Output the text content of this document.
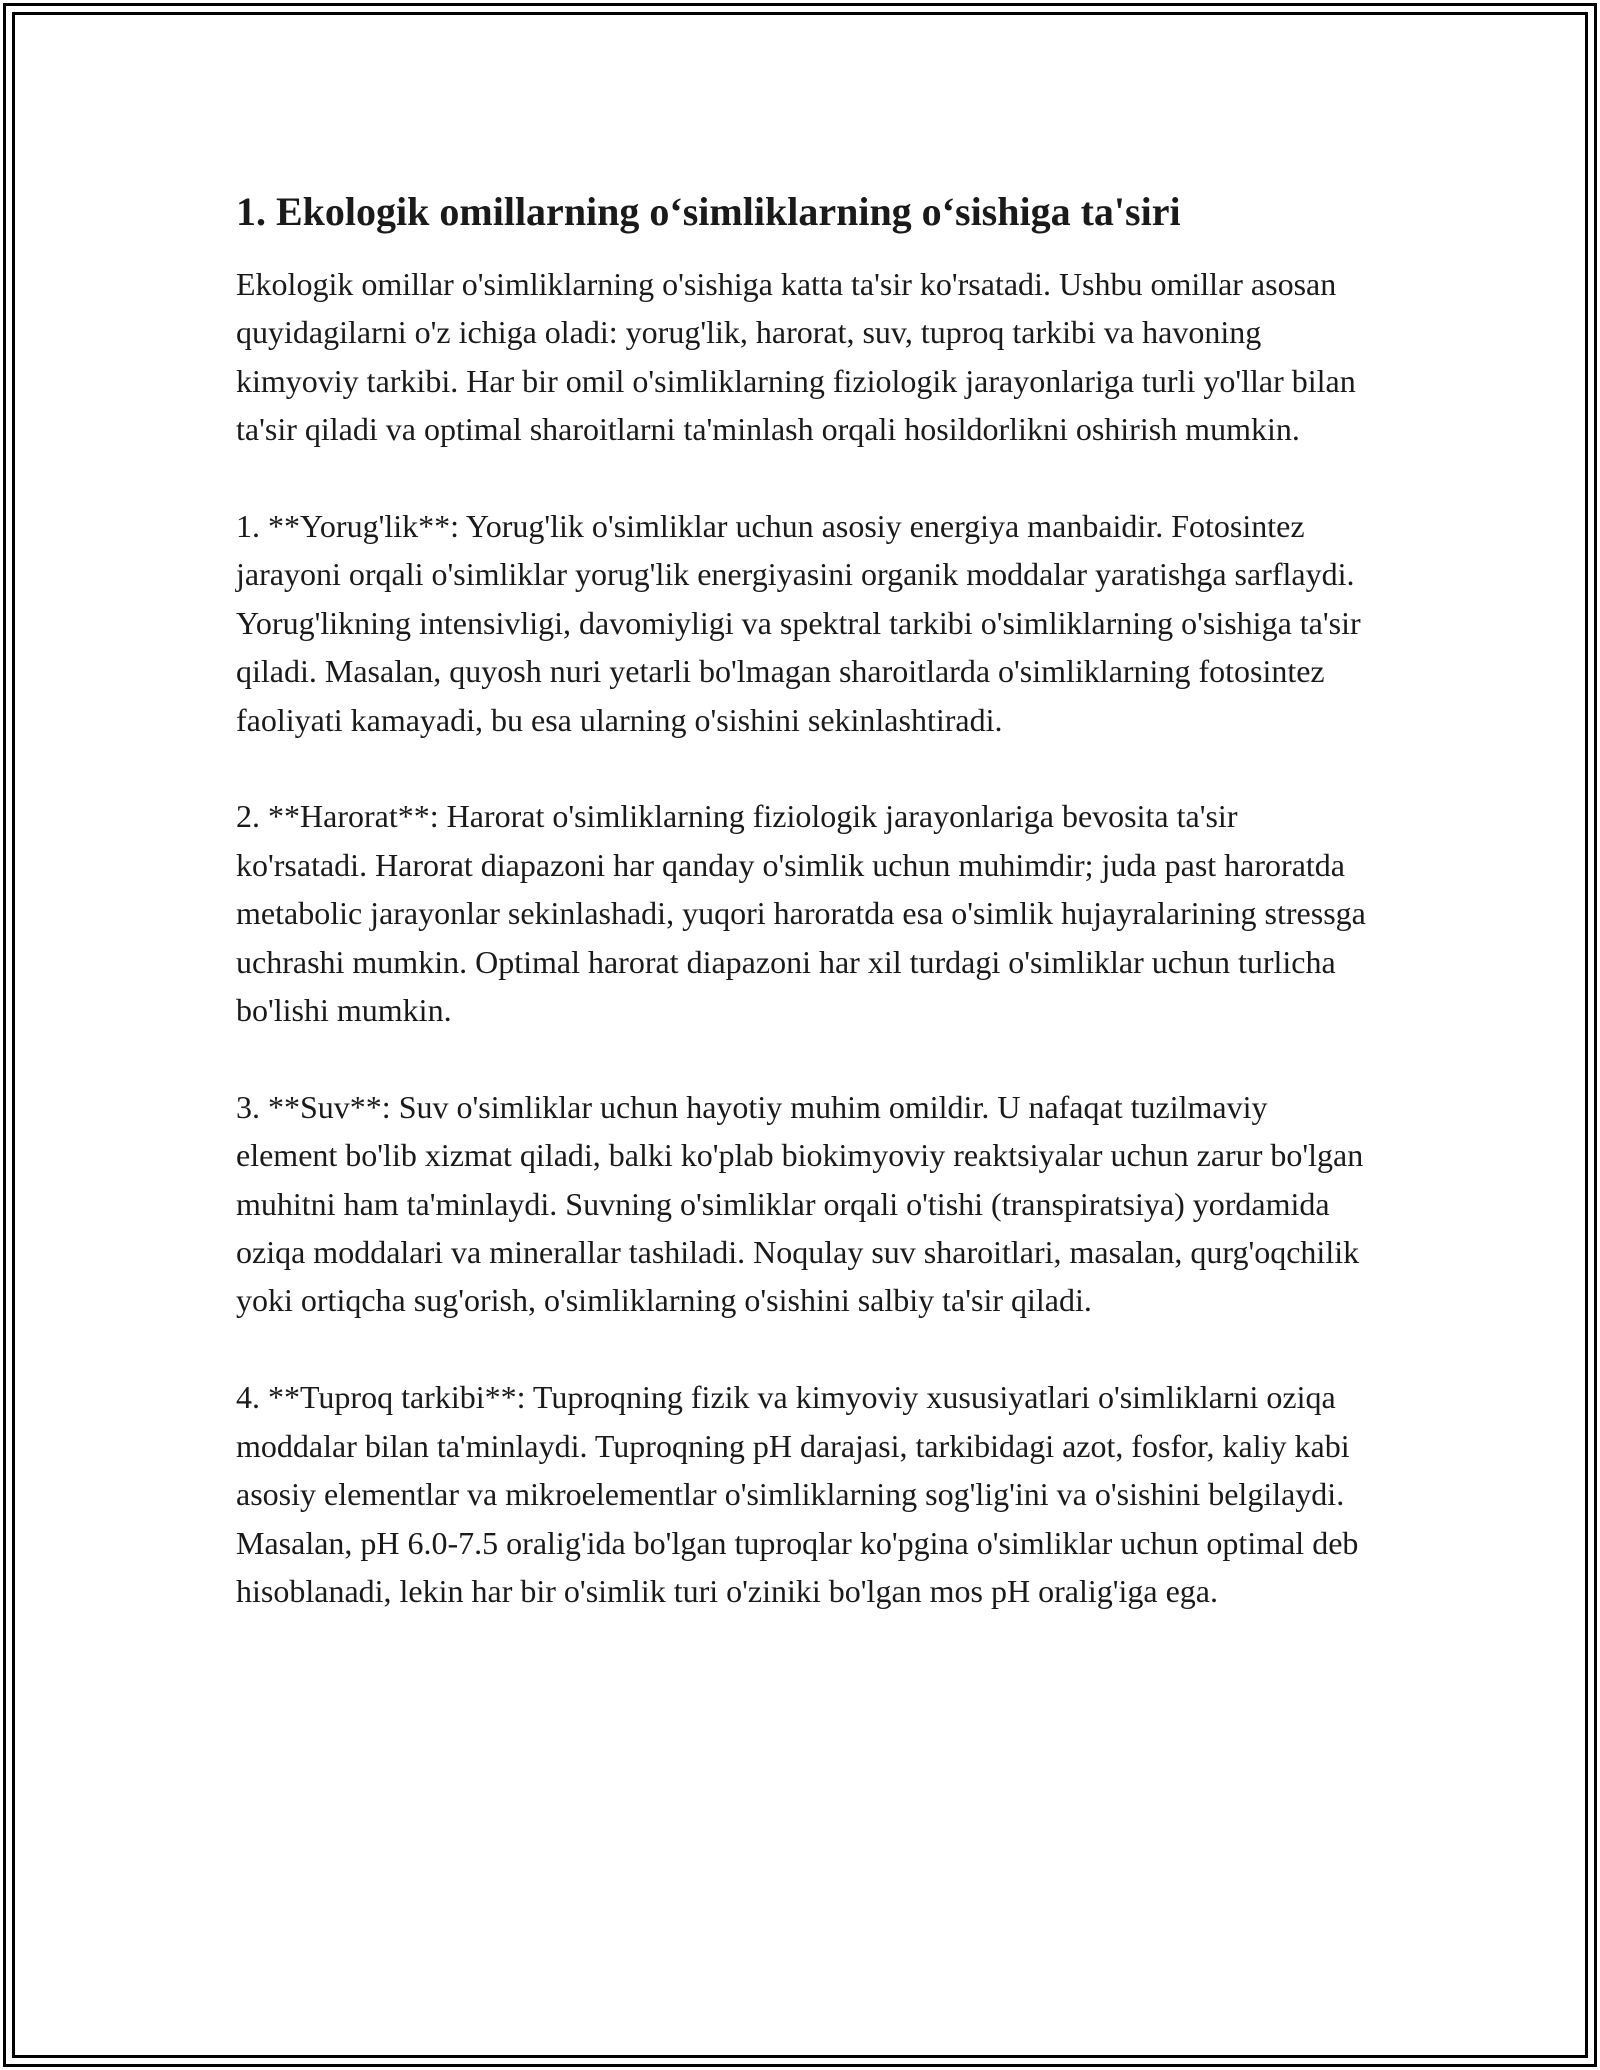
1. Ekologik omillarning o‘simliklarning o‘sishiga ta'siri

Ekologik omillar o'simliklarning o'sishiga katta ta'sir ko'rsatadi. Ushbu omillar asosan quyidagilarni o'z ichiga oladi: yorug'lik, harorat, suv, tuproq tarkibi va havoning kimyoviy tarkibi. Har bir omil o'simliklarning fiziologik jarayonlariga turli yo'llar bilan ta'sir qiladi va optimal sharoitlarni ta'minlash orqali hosildorlikni oshirish mumkin.

1. **Yorug'lik**: Yorug'lik o'simliklar uchun asosiy energiya manbaidir. Fotosintez jarayoni orqali o'simliklar yorug'lik energiyasini organik moddalar yaratishga sarflaydi. Yorug'likning intensivligi, davomiyligi va spektral tarkibi o'simliklarning o'sishiga ta'sir qiladi. Masalan, quyosh nuri yetarli bo'lmagan sharoitlarda o'simliklarning fotosintez faoliyati kamayadi, bu esa ularning o'sishini sekinlashtiradi.

2. **Harorat**: Harorat o'simliklarning fiziologik jarayonlariga bevosita ta'sir ko'rsatadi. Harorat diapazoni har qanday o'simlik uchun muhimdir; juda past haroratda metabolic jarayonlar sekinlashadi, yuqori haroratda esa o'simlik hujayralarining stressga uchrashi mumkin. Optimal harorat diapazoni har xil turdagi o'simliklar uchun turlicha bo'lishi mumkin.

3. **Suv**: Suv o'simliklar uchun hayotiy muhim omildir. U nafaqat tuzilmaviy element bo'lib xizmat qiladi, balki ko'plab biokimyoviy reaktsiyalar uchun zarur bo'lgan muhitni ham ta'minlaydi. Suvning o'simliklar orqali o'tishi (transpiratsiya) yordamida oziqa moddalari va minerallar tashiladi. Noqulay suv sharoitlari, masalan, qurg'oqchilik yoki ortiqcha sug'orish, o'simliklarning o'sishini salbiy ta'sir qiladi.

4. **Tuproq tarkibi**: Tuproqning fizik va kimyoviy xususiyatlari o'simliklarni oziqa moddalar bilan ta'minlaydi. Tuproqning pH darajasi, tarkibidagi azot, fosfor, kaliy kabi asosiy elementlar va mikroelementlar o'simliklarning sog'lig'ini va o'sishini belgilaydi. Masalan, pH 6.0-7.5 oralig'ida bo'lgan tuproqlar ko'pgina o'simliklar uchun optimal deb hisoblanadi, lekin har bir o'simlik turi o'ziniki bo'lgan mos pH oralig'iga ega.
